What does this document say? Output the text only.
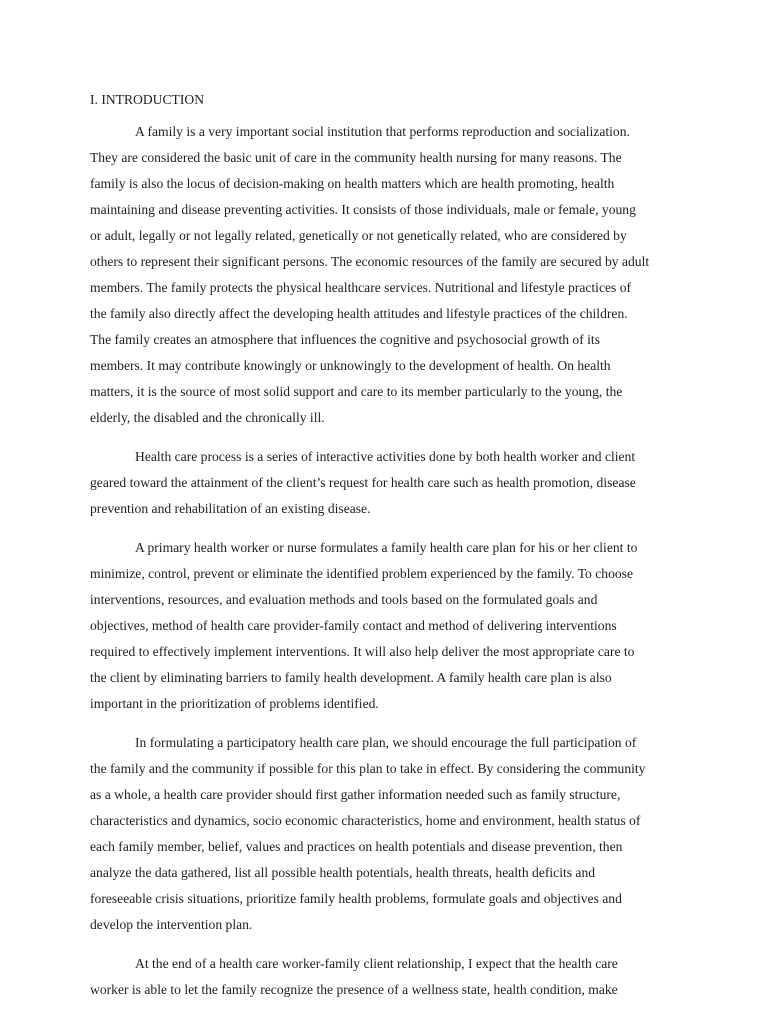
I. INTRODUCTION

A family is a very important social institution that performs reproduction and socialization. They are considered the basic unit of care in the community health nursing for many reasons. The family is also the locus of decision-making on health matters which are health promoting, health maintaining and disease preventing activities. It consists of those individuals, male or female, young or adult, legally or not legally related, genetically or not genetically related, who are considered by others to represent their significant persons. The economic resources of the family are secured by adult members. The family protects the physical healthcare services. Nutritional and lifestyle practices of the family also directly affect the developing health attitudes and lifestyle practices of the children. The family creates an atmosphere that influences the cognitive and psychosocial growth of its members. It may contribute knowingly or unknowingly to the development of health. On health matters, it is the source of most solid support and care to its member particularly to the young, the elderly, the disabled and the chronically ill.

Health care process is a series of interactive activities done by both health worker and client geared toward the attainment of the client’s request for health care such as health promotion, disease prevention and rehabilitation of an existing disease.

A primary health worker or nurse formulates a family health care plan for his or her client to minimize, control, prevent or eliminate the identified problem experienced by the family. To choose interventions, resources, and evaluation methods and tools based on the formulated goals and objectives, method of health care provider-family contact and method of delivering interventions required to effectively implement interventions. It will also help deliver the most appropriate care to the client by eliminating barriers to family health development. A family health care plan is also important in the prioritization of problems identified.

In formulating a participatory health care plan, we should encourage the full participation of the family and the community if possible for this plan to take in effect. By considering the community as a whole, a health care provider should first gather information needed such as family structure, characteristics and dynamics, socio economic characteristics, home and environment, health status of each family member, belief, values and practices on health potentials and disease prevention, then analyze the data gathered, list all possible health potentials, health threats, health deficits and foreseeable crisis situations, prioritize family health problems, formulate goals and objectives and develop the intervention plan.

At the end of a health care worker-family client relationship, I expect that the health care worker is able to let the family recognize the presence of a wellness state, health condition, make
